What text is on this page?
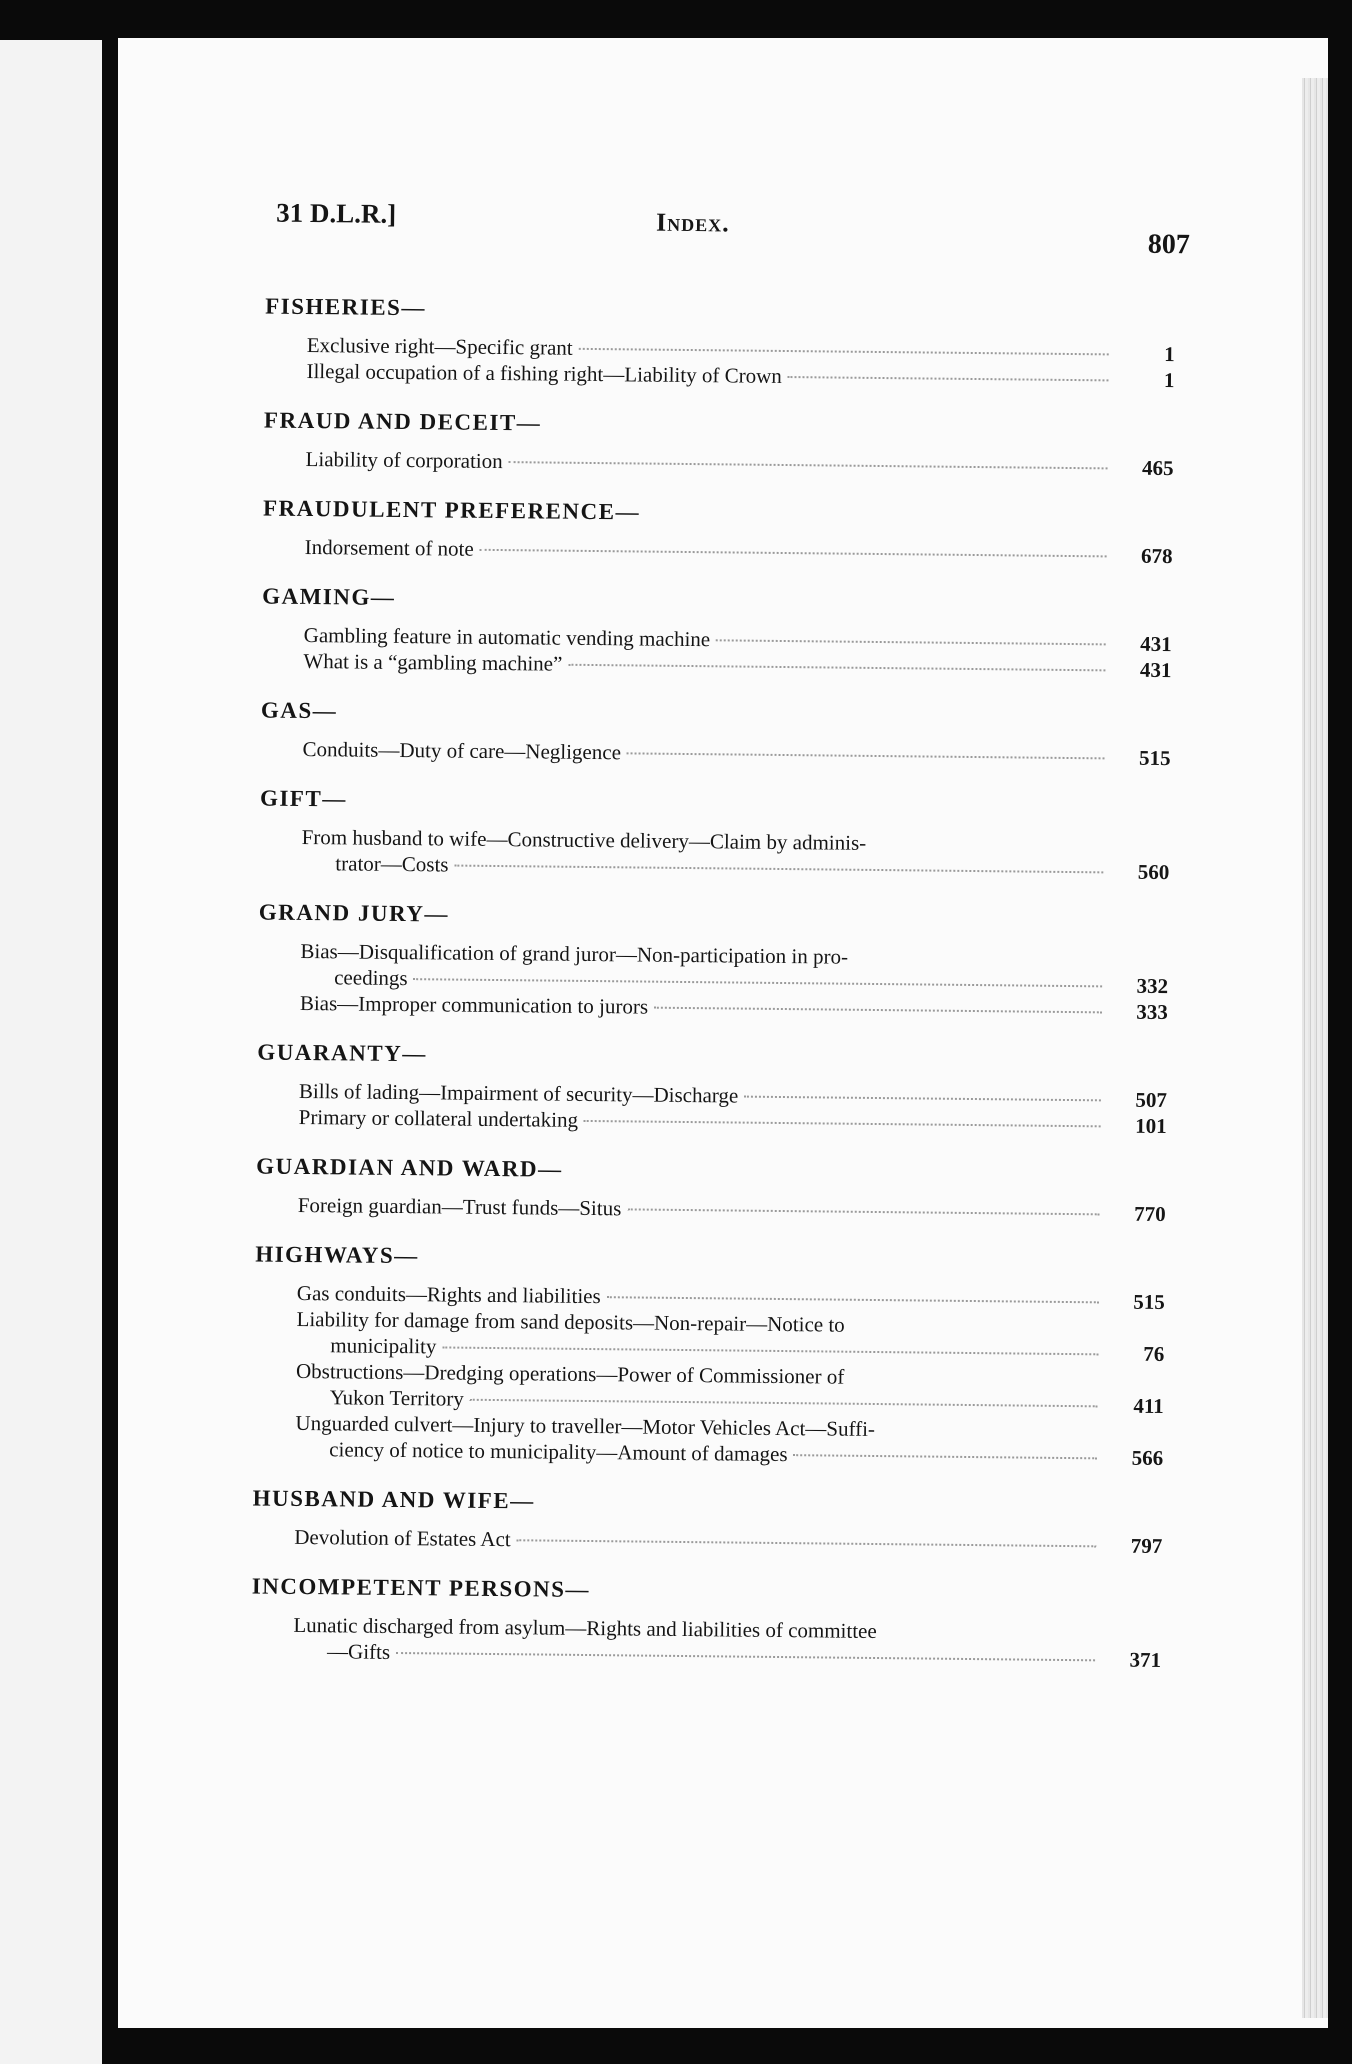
31 D.L.R.]	Index.
807
FISHERIES—
Exclusive right—Specific grant	1
Illegal occupation of a fishing right—Liability of Crown	1
FRAUD AND DECEIT—
Liability of corporation	465
FRAUDULENT PREFERENCE—
Indorsement of note	678
GAMING—
Gambling feature in automatic vending machine	431
What is a “gambling machine”	431
GAS—
Conduits—Duty of care—Negligence	515
GIFT—
From husband to wife—Constructive delivery—Claim by adminis-
trator—Costs	560
GRAND JURY—
Bias—Disqualification of grand juror—Non-participation in pro-
ceedings	332
Bias—Improper communication to jurors	333
GUARANTY—
Bills of lading—Impairment of security—Discharge	507
Primary or collateral undertaking	101
GUARDIAN AND WARD—
Foreign guardian—Trust funds—Situs	770
HIGHWAYS—
Gas conduits—Rights and liabilities	515
Liability for damage from sand deposits—Non-repair—Notice to
municipality	76
Obstructions—Dredging operations—Power of Commissioner of
Yukon Territory	411
Unguarded culvert—Injury to traveller—Motor Vehicles Act—Suffi-
ciency of notice to municipality—Amount of damages	566
HUSBAND AND WIFE—
Devolution of Estates Act	797
INCOMPETENT PERSONS—
Lunatic discharged from asylum—Rights and liabilities of committee
—Gifts	371
